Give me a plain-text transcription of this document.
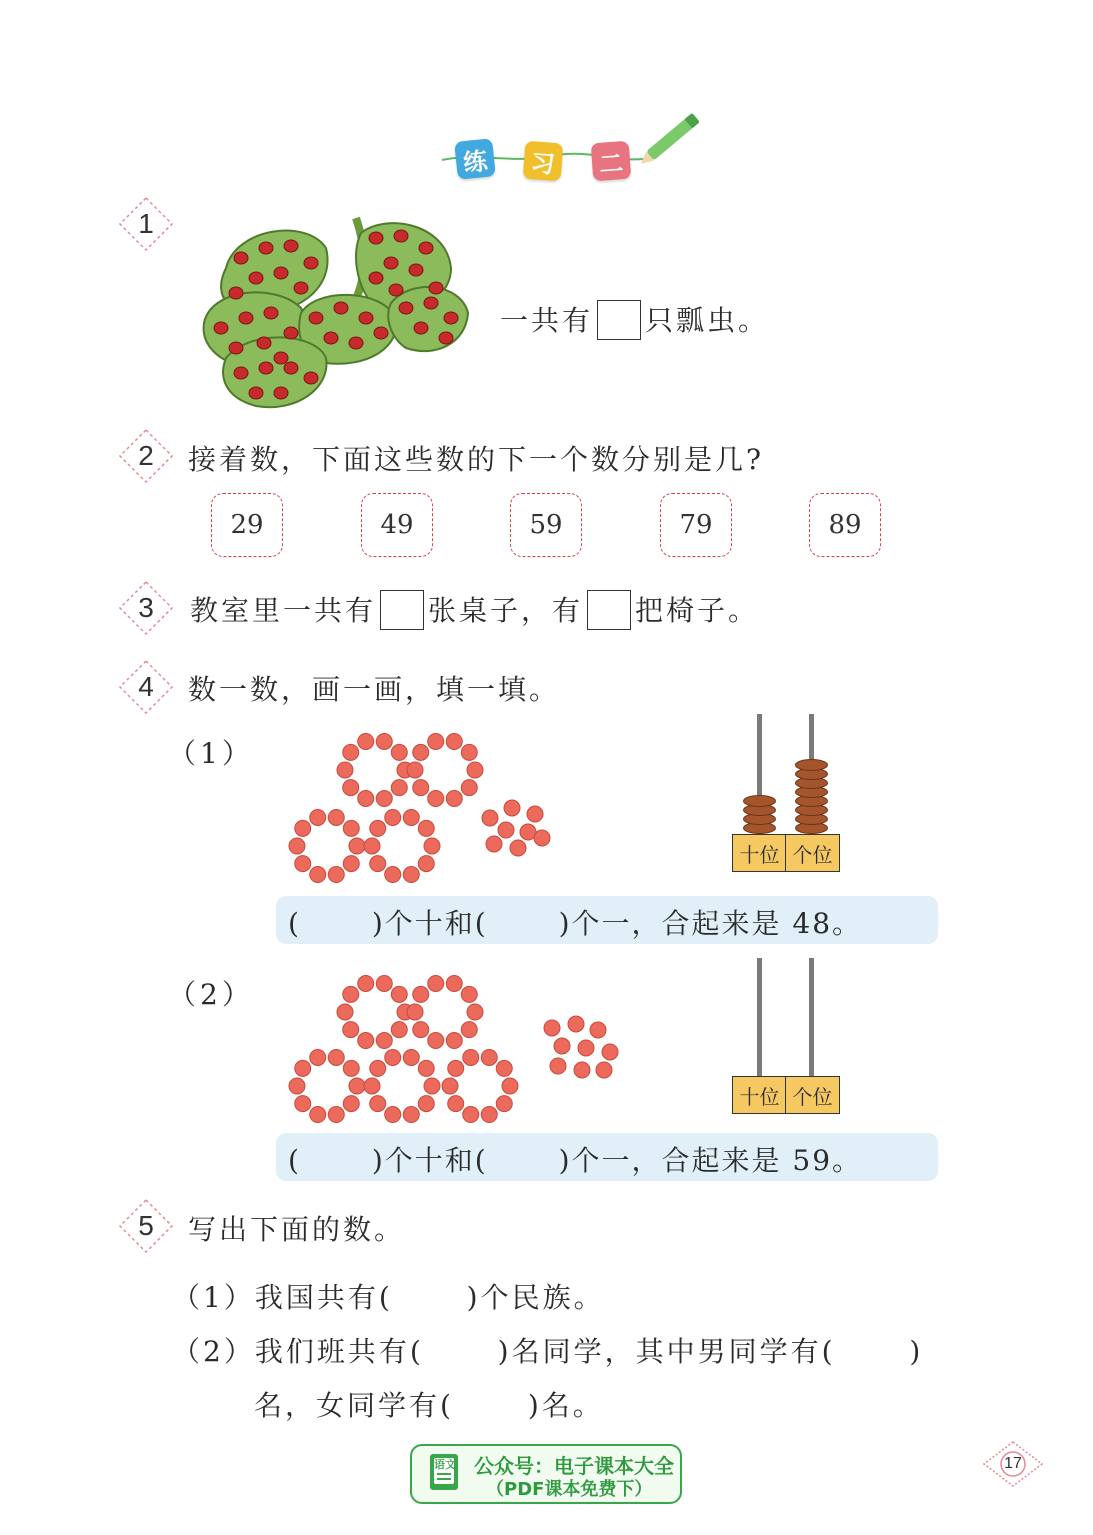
练	习	二
1
一共有 只瓢虫。
2	接着数，下面这些数的下一个数分别是几?
29	49	59	79	89
3	教室里一共有 张桌子，有 把椅子。
4	数一数，画一画，填一填。
（1）
十位 个位
(　　 )个十和(　　 )个一，合起来是 48。
（2）
十位 个位
(　　 )个十和(　　 )个一，合起来是 59。
5	写出下面的数。
（1）我国共有(　　 )个民族。
（2）我们班共有(　　 )名同学，其中男同学有(　　 )
名，女同学有(　　 )名。
语文 公众号：电子课本大全
（PDF课本免费下）
17
